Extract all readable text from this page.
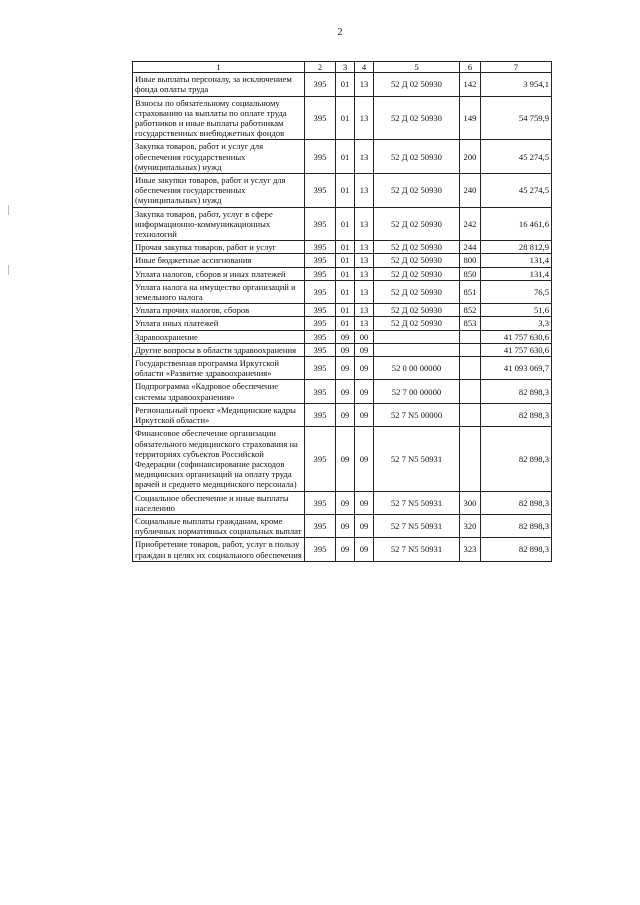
2
1	2	3	4	5	6	7
Иные выплаты персоналу, за исключением фонда оплаты труда	395	01	13	52 Д 02 50930	142	3 954,1
Взносы по обязательному социальному страхованию на выплаты по оплате труда работников и иные выплаты работникам государственных внебюджетных фондов	395	01	13	52 Д 02 50930	149	54 759,9
Закупка товаров, работ и услуг для обеспечения государственных (муниципальных) нужд	395	01	13	52 Д 02 50930	200	45 274,5
Иные закупки товаров, работ и услуг для обеспечения государственных (муниципальных) нужд	395	01	13	52 Д 02 50930	240	45 274,5
Закупка товаров, работ, услуг в сфере информационно-коммуникационных технологий	395	01	13	52 Д 02 50930	242	16 461,6
Прочая закупка товаров, работ и услуг	395	01	13	52 Д 02 50930	244	28 812,9
Иные бюджетные ассигнования	395	01	13	52 Д 02 50930	800	131,4
Уплата налогов, сборов и иных платежей	395	01	13	52 Д 02 50930	850	131,4
Уплата налога на имущество организаций и земельного налога	395	01	13	52 Д 02 50930	851	76,5
Уплата прочих налогов, сборов	395	01	13	52 Д 02 50930	852	51,6
Уплата иных платежей	395	01	13	52 Д 02 50930	853	3,3
Здравоохранение	395	09	00			41 757 630,6
Другие вопросы в области здравоохранения	395	09	09			41 757 630,6
Государственная программа Иркутской области «Развитие здравоохранения»	395	09	09	52 0 00 00000		41 093 069,7
Подпрограмма «Кадровое обеспечение системы здравоохранения»	395	09	09	52 7 00 00000		82 898,3
Региональный проект «Медицинские кадры Иркутской области»	395	09	09	52 7 N5 00000		82 898,3
Финансовое обеспечение организации обязательного медицинского страхования на территориях субъектов Российской Федерации (софинансирование расходов медицинских организаций на оплату труда врачей и среднего медицинского персонала)	395	09	09	52 7 N5 50931		82 898,3
Социальное обеспечение и иные выплаты населению	395	09	09	52 7 N5 50931	300	82 898,3
Социальные выплаты гражданам, кроме публичных нормативных социальных выплат	395	09	09	52 7 N5 50931	320	82 898,3
Приобретение товаров, работ, услуг в пользу граждан в целях их социального обеспечения	395	09	09	52 7 N5 50931	323	82 898,3
